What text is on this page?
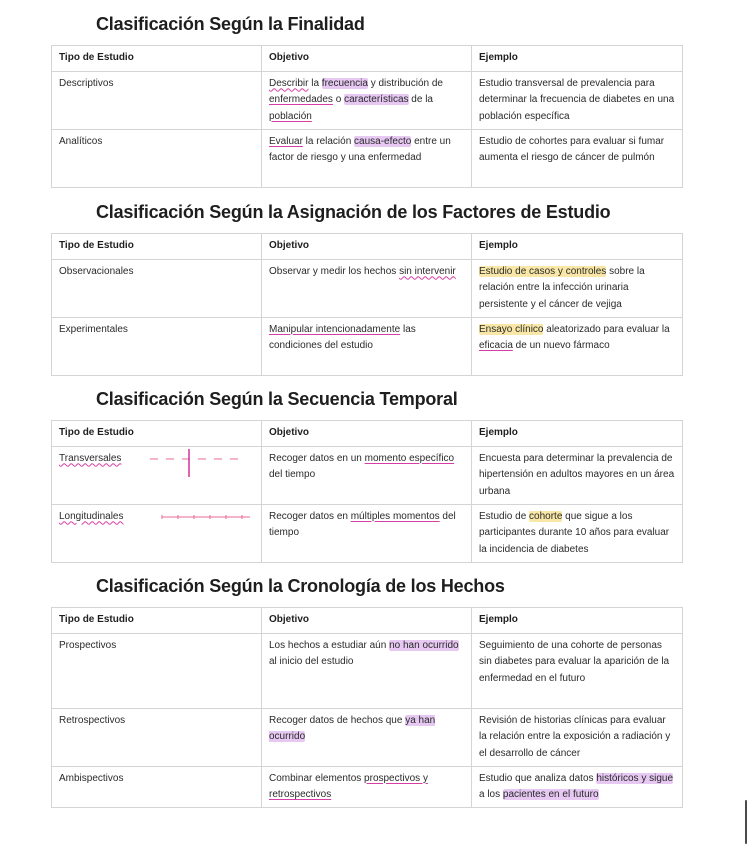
Clasificación Según la Finalidad
Tipo de Estudio	Objetivo	Ejemplo
Descriptivos	Describir la frecuencia y distribución de enfermedades o características de la población	Estudio transversal de prevalencia para determinar la frecuencia de diabetes en una población específica
Analíticos	Evaluar la relación causa-efecto entre un factor de riesgo y una enfermedad	Estudio de cohortes para evaluar si fumar aumenta el riesgo de cáncer de pulmón
Clasificación Según la Asignación de los Factores de Estudio
Tipo de Estudio	Objetivo	Ejemplo
Observacionales	Observar y medir los hechos sin intervenir	Estudio de casos y controles sobre la relación entre la infección urinaria persistente y el cáncer de vejiga
Experimentales	Manipular intencionadamente las condiciones del estudio	Ensayo clínico aleatorizado para evaluar la eficacia de un nuevo fármaco
Clasificación Según la Secuencia Temporal
Tipo de Estudio	Objetivo	Ejemplo
Transversales	Recoger datos en un momento específico del tiempo	Encuesta para determinar la prevalencia de hipertensión en adultos mayores en un área urbana
Longitudinales	Recoger datos en múltiples momentos del tiempo	Estudio de cohorte que sigue a los participantes durante 10 años para evaluar la incidencia de diabetes
Clasificación Según la Cronología de los Hechos
Tipo de Estudio	Objetivo	Ejemplo
Prospectivos	Los hechos a estudiar aún no han ocurrido al inicio del estudio	Seguimiento de una cohorte de personas sin diabetes para evaluar la aparición de la enfermedad en el futuro
Retrospectivos	Recoger datos de hechos que ya han ocurrido	Revisión de historias clínicas para evaluar la relación entre la exposición a radiación y el desarrollo de cáncer
Ambispectivos	Combinar elementos prospectivos y retrospectivos	Estudio que analiza datos históricos y sigue a los pacientes en el futuro
